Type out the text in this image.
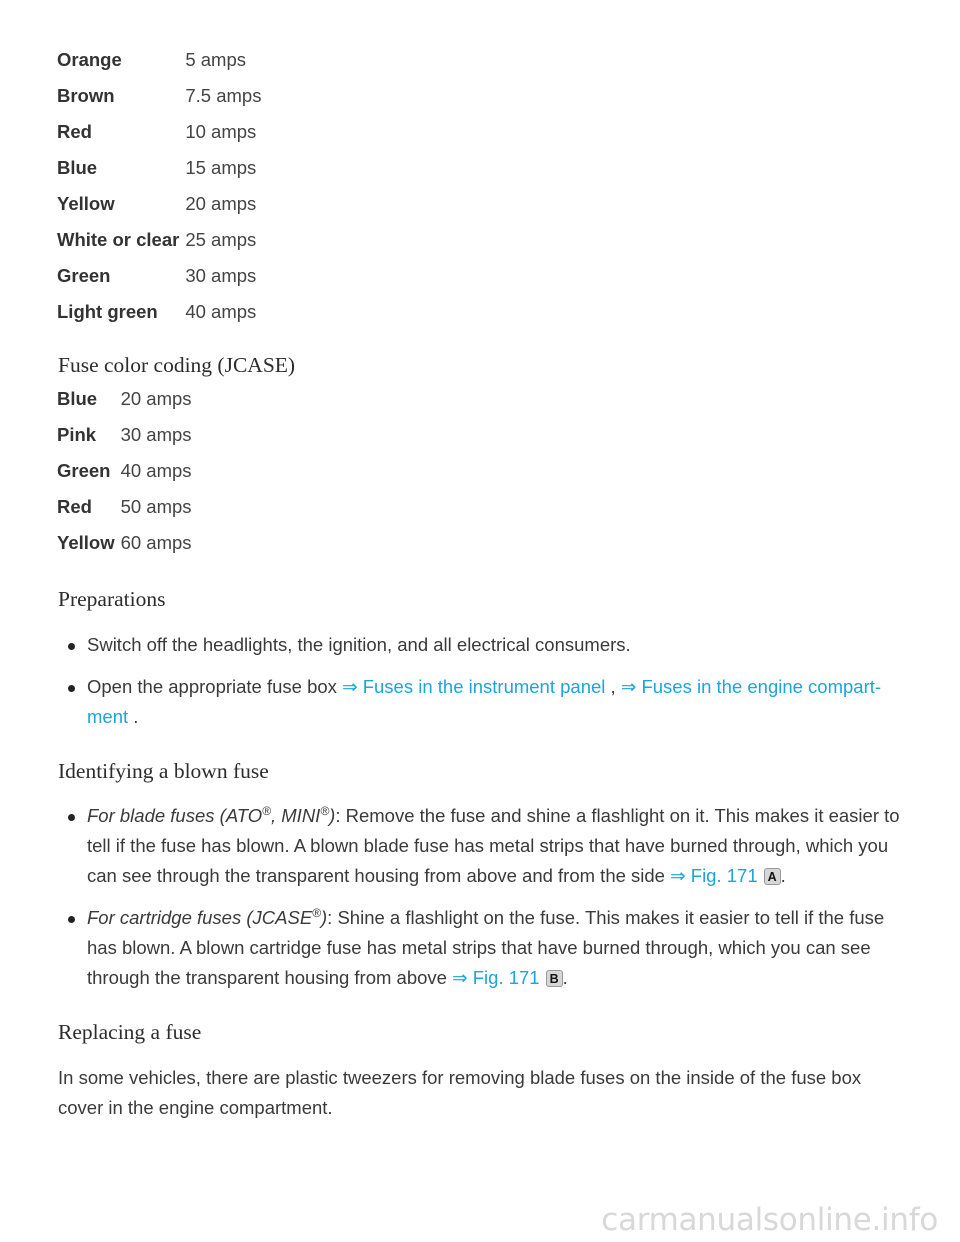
Orange	5 amps
Brown	7.5 amps
Red	10 amps
Blue	15 amps
Yellow	20 amps
White or clear	25 amps
Green	30 amps
Light green	40 amps
Fuse color coding (JCASE)
Blue	20 amps
Pink	30 amps
Green	40 amps
Red	50 amps
Yellow	60 amps
Preparations
Switch off the headlights, the ignition, and all electrical consumers.
Open the appropriate fuse box ⇒ Fuses in the instrument panel , ⇒ Fuses in the engine compart- ment .
Identifying a blown fuse
For blade fuses (ATO®, MINI®): Remove the fuse and shine a flashlight on it. This makes it easier to tell if the fuse has blown. A blown blade fuse has metal strips that have burned through, which you can see through the transparent housing from above and from the side ⇒ Fig. 171 A .
For cartridge fuses (JCASE®): Shine a flashlight on the fuse. This makes it easier to tell if the fuse has blown. A blown cartridge fuse has metal strips that have burned through, which you can see through the transparent housing from above ⇒ Fig. 171 B .
Replacing a fuse

In some vehicles, there are plastic tweezers for removing blade fuses on the inside of the fuse box cover in the engine compartment.

carmanualsonline.info
